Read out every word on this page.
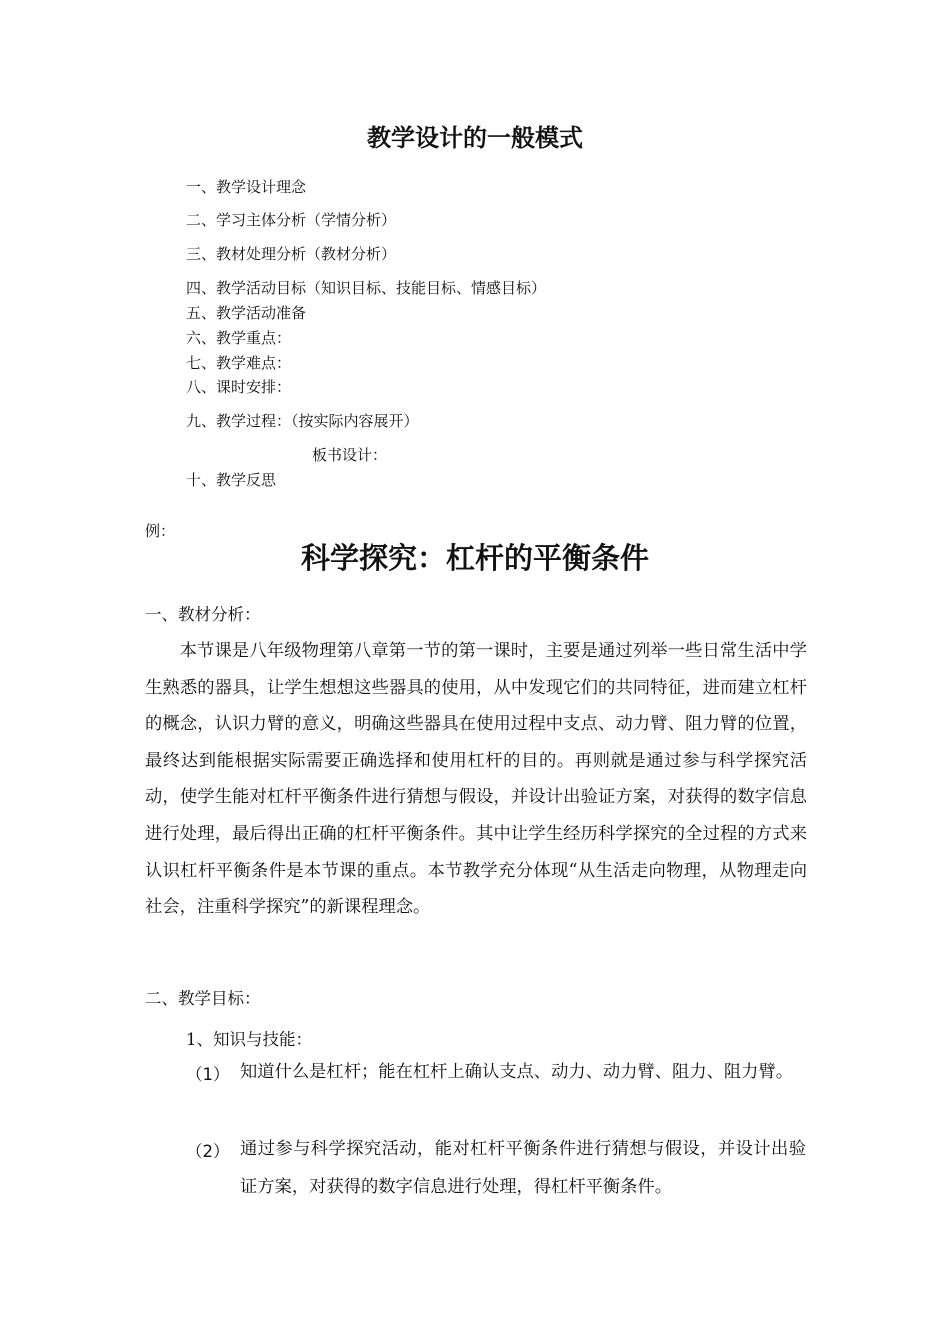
教学设计的一般模式

一、教学设计理念

二、学习主体分析（学情分析）

三、教材处理分析（教材分析）

四、教学活动目标（知识目标、技能目标、情感目标）

五、教学活动准备

六、教学重点：

七、教学难点：

八、课时安排：

九、教学过程：（按实际内容展开）

板书设计：

十、教学反思

例：

科学探究：杠杆的平衡条件

一、教材分析：

本节课是八年级物理第八章第一节的第一课时，主要是通过列举一些日常生活中学生熟悉的器具，让学生想想这些器具的使用，从中发现它们的共同特征，进而建立杠杆的概念，认识力臂的意义，明确这些器具在使用过程中支点、动力臂、阻力臂的位置，最终达到能根据实际需要正确选择和使用杠杆的目的。再则就是通过参与科学探究活动，使学生能对杠杆平衡条件进行猜想与假设，并设计出验证方案，对获得的数字信息进行处理，最后得出正确的杠杆平衡条件。其中让学生经历科学探究的全过程的方式来认识杠杆平衡条件是本节课的重点。本节教学充分体现“从生活走向物理，从物理走向社会，注重科学探究”的新课程理念。

二、教学目标：

1、知识与技能：

（1） 知道什么是杠杆；能在杠杆上确认支点、动力、动力臂、阻力、阻力臂。

（2） 通过参与科学探究活动，能对杠杆平衡条件进行猜想与假设，并设计出验证方案，对获得的数字信息进行处理，得杠杆平衡条件。
